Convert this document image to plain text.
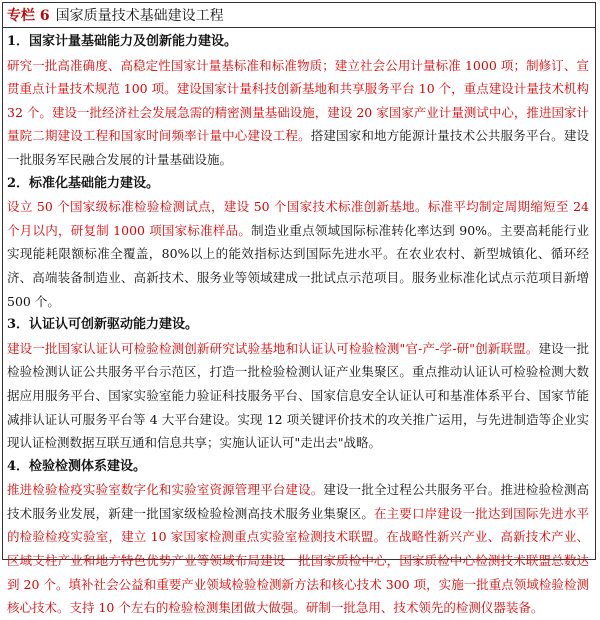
专栏 6 国家质量技术基础建设工程
1．国家计量基础能力及创新能力建设。
研究一批高准确度、高稳定性国家计量基标准和标准物质；建立社会公用计量标准 1000 项；制修订、宣贯重点计量技术规范 100 项。建设国家计量科技创新基地和共享服务平台 10 个，重点建设计量技术机构 32 个。建设一批经济社会发展急需的精密测量基础设施，建设 20 家国家产业计量测试中心，推进国家计量院二期建设工程和国家时间频率计量中心建设工程。搭建国家和地方能源计量技术公共服务平台。建设一批服务军民融合发展的计量基础设施。
2．标准化基础能力建设。
设立 50 个国家级标准检验检测试点，建设 50 个国家技术标准创新基地。标准平均制定周期缩短至 24 个月以内，研复制 1000 项国家标准样品。制造业重点领域国际标准转化率达到 90%。主要高耗能行业实现能耗限额标准全覆盖，80%以上的能效指标达到国际先进水平。在农业农村、新型城镇化、循环经济、高端装备制造业、高新技术、服务业等领域建成一批试点示范项目。服务业标准化试点示范项目新增 500 个。
3．认证认可创新驱动能力建设。
建设一批国家认证认可检验检测创新研究试验基地和认证认可检验检测"官-产-学-研"创新联盟。建设一批检验检测认证公共服务平台示范区，打造一批检验检测认证产业集聚区。重点推动认证认可检验检测大数据应用服务平台、国家实验室能力验证科技服务平台、国家信息安全认证认可和基准体系平台、国家节能减排认证认可服务平台等 4 大平台建设。实现 12 项关键评价技术的攻关推广运用，与先进制造等企业实现认证检测数据互联互通和信息共享；实施认证认可"走出去"战略。
4．检验检测体系建设。
推进检验检疫实验室数字化和实验室资源管理平台建设。建设一批全过程公共服务平台。推进检验检测高技术服务业发展，新建一批国家级检验检测高技术服务业集聚区。在主要口岸建设一批达到国际先进水平的检验检疫实验室，建立 10 家国家检测重点实验室检测技术联盟。在战略性新兴产业、高新技术产业、区域支柱产业和地方特色优势产业等领域布局建设一批国家质检中心，国家质检中心检测技术联盟总数达到 20 个。填补社会公益和重要产业领域检验检测新方法和核心技术 300 项，实施一批重点领域检验检测核心技术。支持 10 个左右的检验检测集团做大做强。研制一批急用、技术领先的检测仪器装备。
